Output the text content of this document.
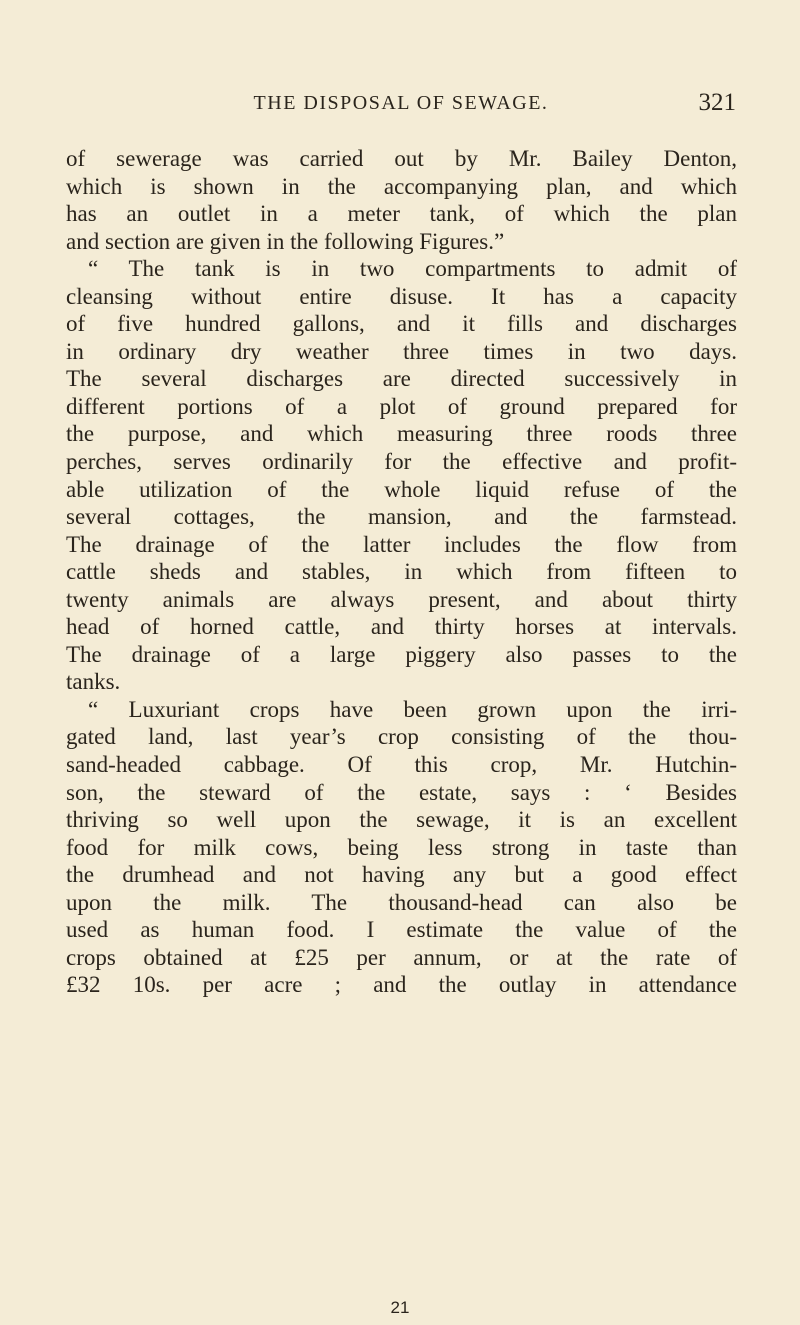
THE DISPOSAL OF SEWAGE.	321
of sewerage was carried out by Mr. Bailey Denton,
which is shown in the accompanying plan, and which
has an outlet in a meter tank, of which the plan
and section are given in the following Figures.”
“ The tank is in two compartments to admit of
cleansing without entire disuse. It has a capacity
of five hundred gallons, and it fills and discharges
in ordinary dry weather three times in two days.
The several discharges are directed successively in
different portions of a plot of ground prepared for
the purpose, and which measuring three roods three
perches, serves ordinarily for the effective and profit-
able utilization of the whole liquid refuse of the
several cottages, the mansion, and the farmstead.
The drainage of the latter includes the flow from
cattle sheds and stables, in which from fifteen to
twenty animals are always present, and about thirty
head of horned cattle, and thirty horses at intervals.
The drainage of a large piggery also passes to the
tanks.
“ Luxuriant crops have been grown upon the irri-
gated land, last year’s crop consisting of the thou-
sand-headed cabbage. Of this crop, Mr. Hutchin-
son, the steward of the estate, says : ‘ Besides
thriving so well upon the sewage, it is an excellent
food for milk cows, being less strong in taste than
the drumhead and not having any but a good effect
upon the milk. The thousand-head can also be
used as human food. I estimate the value of the
crops obtained at £25 per annum, or at the rate of
£32 10s. per acre ; and the outlay in attendance
21
